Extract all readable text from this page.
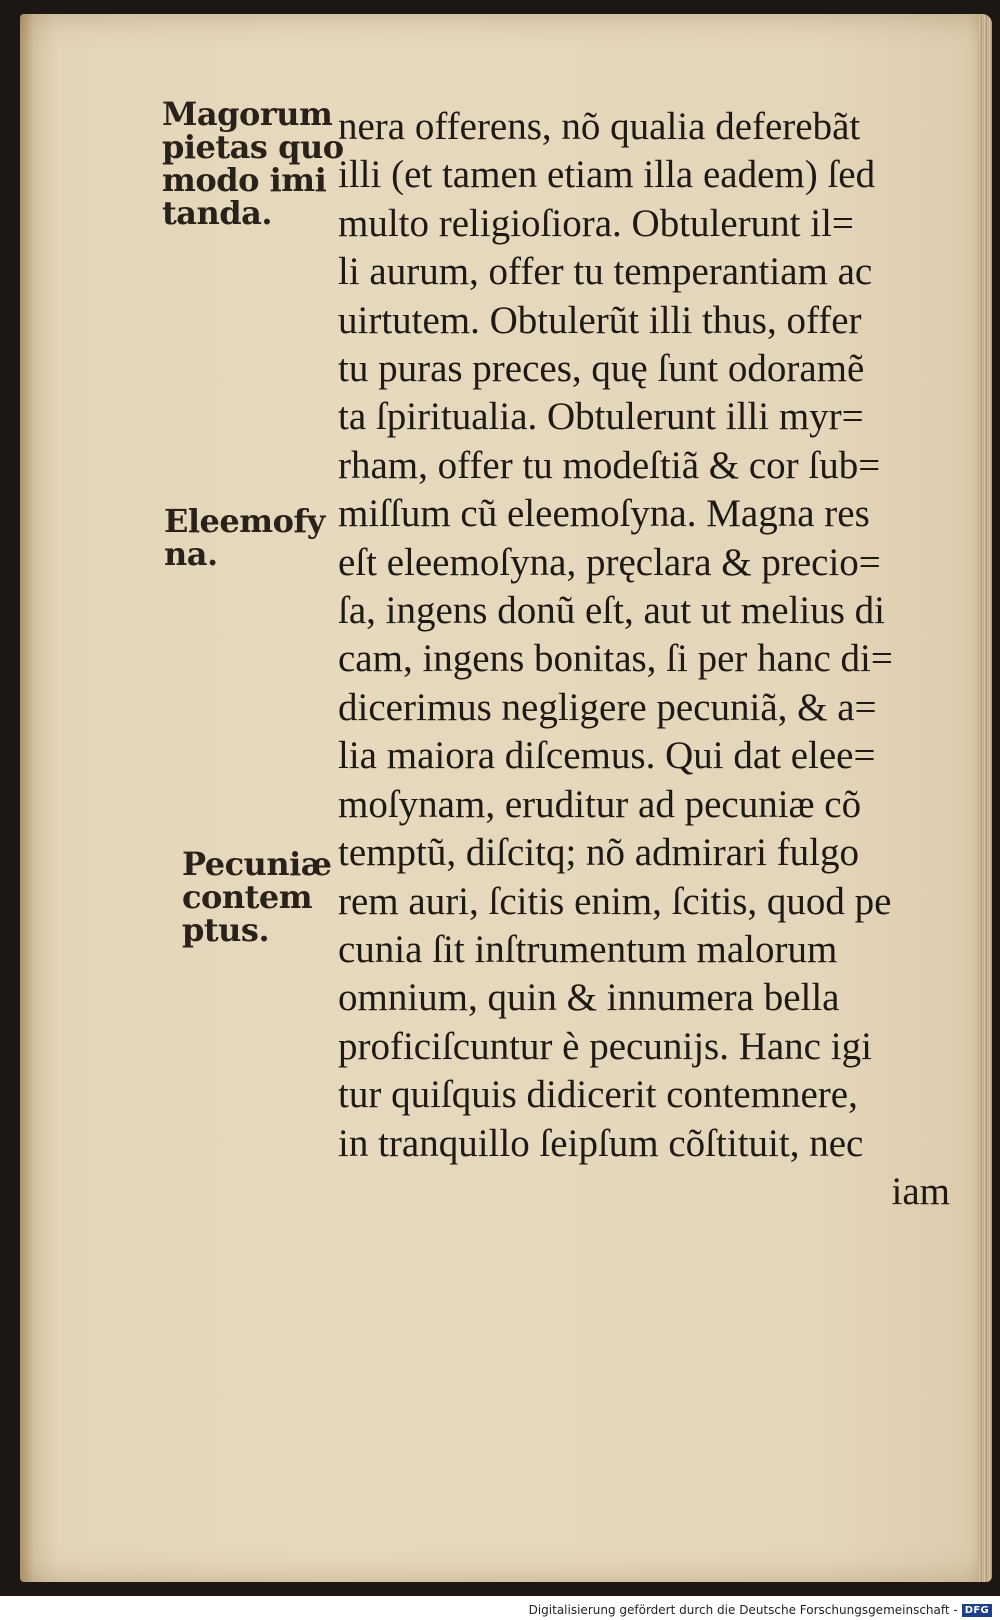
Magorum
pietas quo
modo imi
tanda.
Eleemofy
na.
Pecuniæ
contem
ptus.
nera offerens, nõ qualia deferebãt
illi (et tamen etiam illa eadem) ſed
multo religioſiora. Obtulerunt il=
li aurum, offer tu temperantiam ac
uirtutem. Obtulerũt illi thus, offer
tu puras preces, quę ſunt odoramẽ
ta ſpiritualia. Obtulerunt illi myr=
rham, offer tu modeſtiã & cor ſub=
miſſum cũ eleemoſyna. Magna res
eſt eleemoſyna, pręclara & precio=
ſa, ingens donũ eſt, aut ut melius di
cam, ingens bonitas, ſi per hanc di=
dicerimus negligere pecuniã, & a=
lia maiora diſcemus. Qui dat elee=
moſynam, eruditur ad pecuniæ cõ
temptũ, diſcitq; nõ admirari fulgo
rem auri, ſcitis enim, ſcitis, quod pe
cunia ſit inſtrumentum malorum
omnium, quin & innumera bella
proficiſcuntur è pecunijs. Hanc igi
tur quiſquis didicerit contemnere,
in tranquillo ſeipſum cõſtituit, nec
iam
Digitalisierung gefördert durch die Deutsche Forschungsgemeinschaft - DFG
